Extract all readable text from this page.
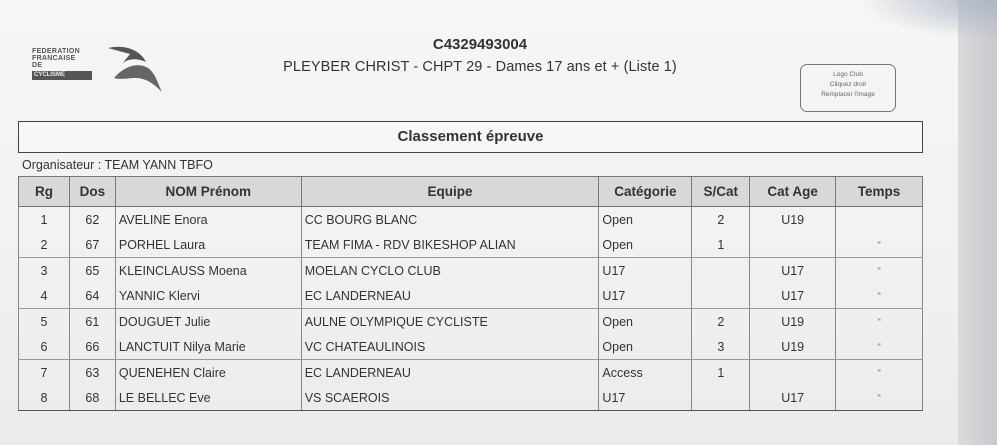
FEDERATION
FRANCAISE
DE
CYCLISME
C4329493004
PLEYBER CHRIST - CHPT 29 - Dames 17 ans et + (Liste 1)	Logo Club
Cliquez droit
Remplacer l'image
Classement épreuve
Organisateur : TEAM YANN TBFO
Rg	Dos	NOM Prénom	Equipe	Catégorie	S/Cat	Cat Age	Temps
1	62	AVELINE Enora	CC BOURG BLANC	Open	2	U19	
2	67	PORHEL Laura	TEAM FIMA - RDV BIKESHOP ALIAN	Open	1		"
3	65	KLEINCLAUSS Moena	MOELAN CYCLO CLUB	U17		U17	"
4	64	YANNIC Klervi	EC LANDERNEAU	U17		U17	"
5	61	DOUGUET Julie	AULNE OLYMPIQUE CYCLISTE	Open	2	U19	"
6	66	LANCTUIT Nilya Marie	VC CHATEAULINOIS	Open	3	U19	"
7	63	QUENEHEN Claire	EC LANDERNEAU	Access	1		"
8	68	LE BELLEC Eve	VS SCAEROIS	U17		U17	"
